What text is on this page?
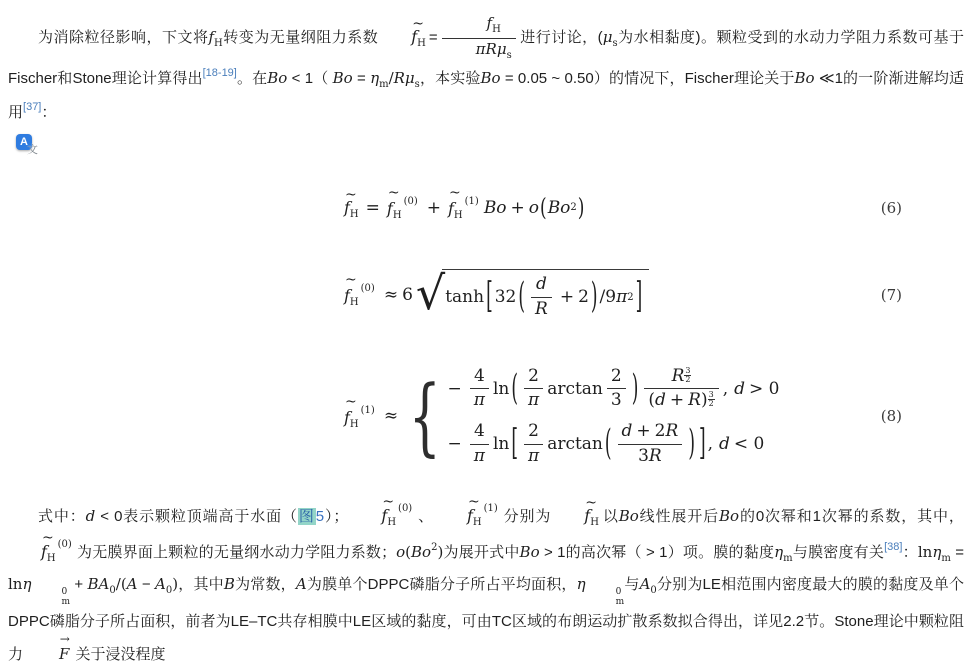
为消除粒径影响，下文将$f_H$转变为无量纲阻力系数
~
$f_H$ =
$f_H$
πRμ$_s$
进行讨论，($\mu_s$为水相黏度)。颗粒受到的水动力学阻力系数可基于Fischer和Stone理论计算得出[18-19]。在Bo < 1（ $Bo = \eta_m/R\mu_s$，本实验Bo = 0.05 ~ 0.50）的情况下，Fischer理论关于Bo ≪1的一阶渐进解均适用[37]：

A
文
~
$f_H$ =
~
$f_H^{(0)}$ +
~
$f_H^{(1)}$ Bo + o ( Bo 2 )	(6)
~
$f_H^{(0)} \approx 6$ √ tanh [ 32 ( d
R
+ 2 ) / 9 π 2 ]	(7)
~
$f_H^{(1)}$ ≈ { − $\frac{4}{\pi}$ ln ( 2
π
arctan
2
3 )	R $\frac{3}{2}$
$(d + R) \frac{3}{2}$
, d > 0
− $\frac{4}{\pi}$ ln [ 2
π
arctan ( d + 2R
3R	) ] , d < 0
(8)

式中：d < 0表示颗粒顶端高于水面（图5）；
~
$f_H^{(0)}$ 、
~
$f_H^{(1)}$ 分别为
~
$f_H$ 以Bo线性展开后Bo的0次幂和1次幂的系数，其中，
~
$f_H^{(0)}$ 为无膜界面上颗粒的无量纲水动力学阻力系数；o(Bo$^2$)为展开式中Bo > 1的高次幂（ > 1）项。膜的黏度$\eta_m$与膜密度有关[38]：lnη$_m$ = lnη	0
m
+ $BA_0/(A - A_0)$，其中B为常数，A为膜单个DPPC磷脂分子所占平均面积，η	0
m
与$A_0$分别为LE相范围内密度最大的膜的黏度及单个DPPC磷脂分子所占面积，前者为LE–TC共存相膜中LE区域的黏度，可由TC区域的布朗运动扩散系数拟合得出，详见2.2节。Stone理论中颗粒阻力
→
F 关于浸没程度
